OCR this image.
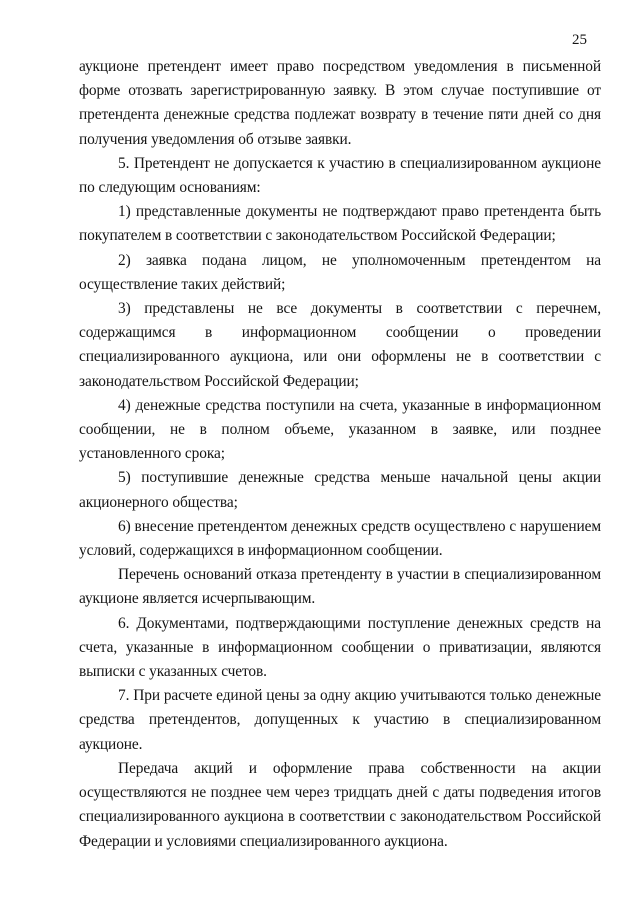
25

аукционе претендент имеет право посредством уведомления в письменной форме отозвать зарегистрированную заявку. В этом случае поступившие от претендента денежные средства подлежат возврату в течение пяти дней со дня получения уведомления об отзыве заявки.

5. Претендент не допускается к участию в специализированном аукционе по следующим основаниям:

1) представленные документы не подтверждают право претендента быть покупателем в соответствии с законодательством Российской Федерации;

2) заявка подана лицом, не уполномоченным претендентом на осуществление таких действий;

3) представлены не все документы в соответствии с перечнем, содержащимся в информационном сообщении о проведении специализированного аукциона, или они оформлены не в соответствии с законодательством Российской Федерации;

4) денежные средства поступили на счета, указанные в информационном сообщении, не в полном объеме, указанном в заявке, или позднее установленного срока;

5) поступившие денежные средства меньше начальной цены акции акционерного общества;

6) внесение претендентом денежных средств осуществлено с нарушением условий, содержащихся в информационном сообщении.

Перечень оснований отказа претенденту в участии в специализированном аукционе является исчерпывающим.

6. Документами, подтверждающими поступление денежных средств на счета, указанные в информационном сообщении о приватизации, являются выписки с указанных счетов.

7. При расчете единой цены за одну акцию учитываются только денежные средства претендентов, допущенных к участию в специализированном аукционе.

Передача акций и оформление права собственности на акции осуществляются не позднее чем через тридцать дней с даты подведения итогов специализированного аукциона в соответствии с законодательством Российской Федерации и условиями специализированного аукциона.
